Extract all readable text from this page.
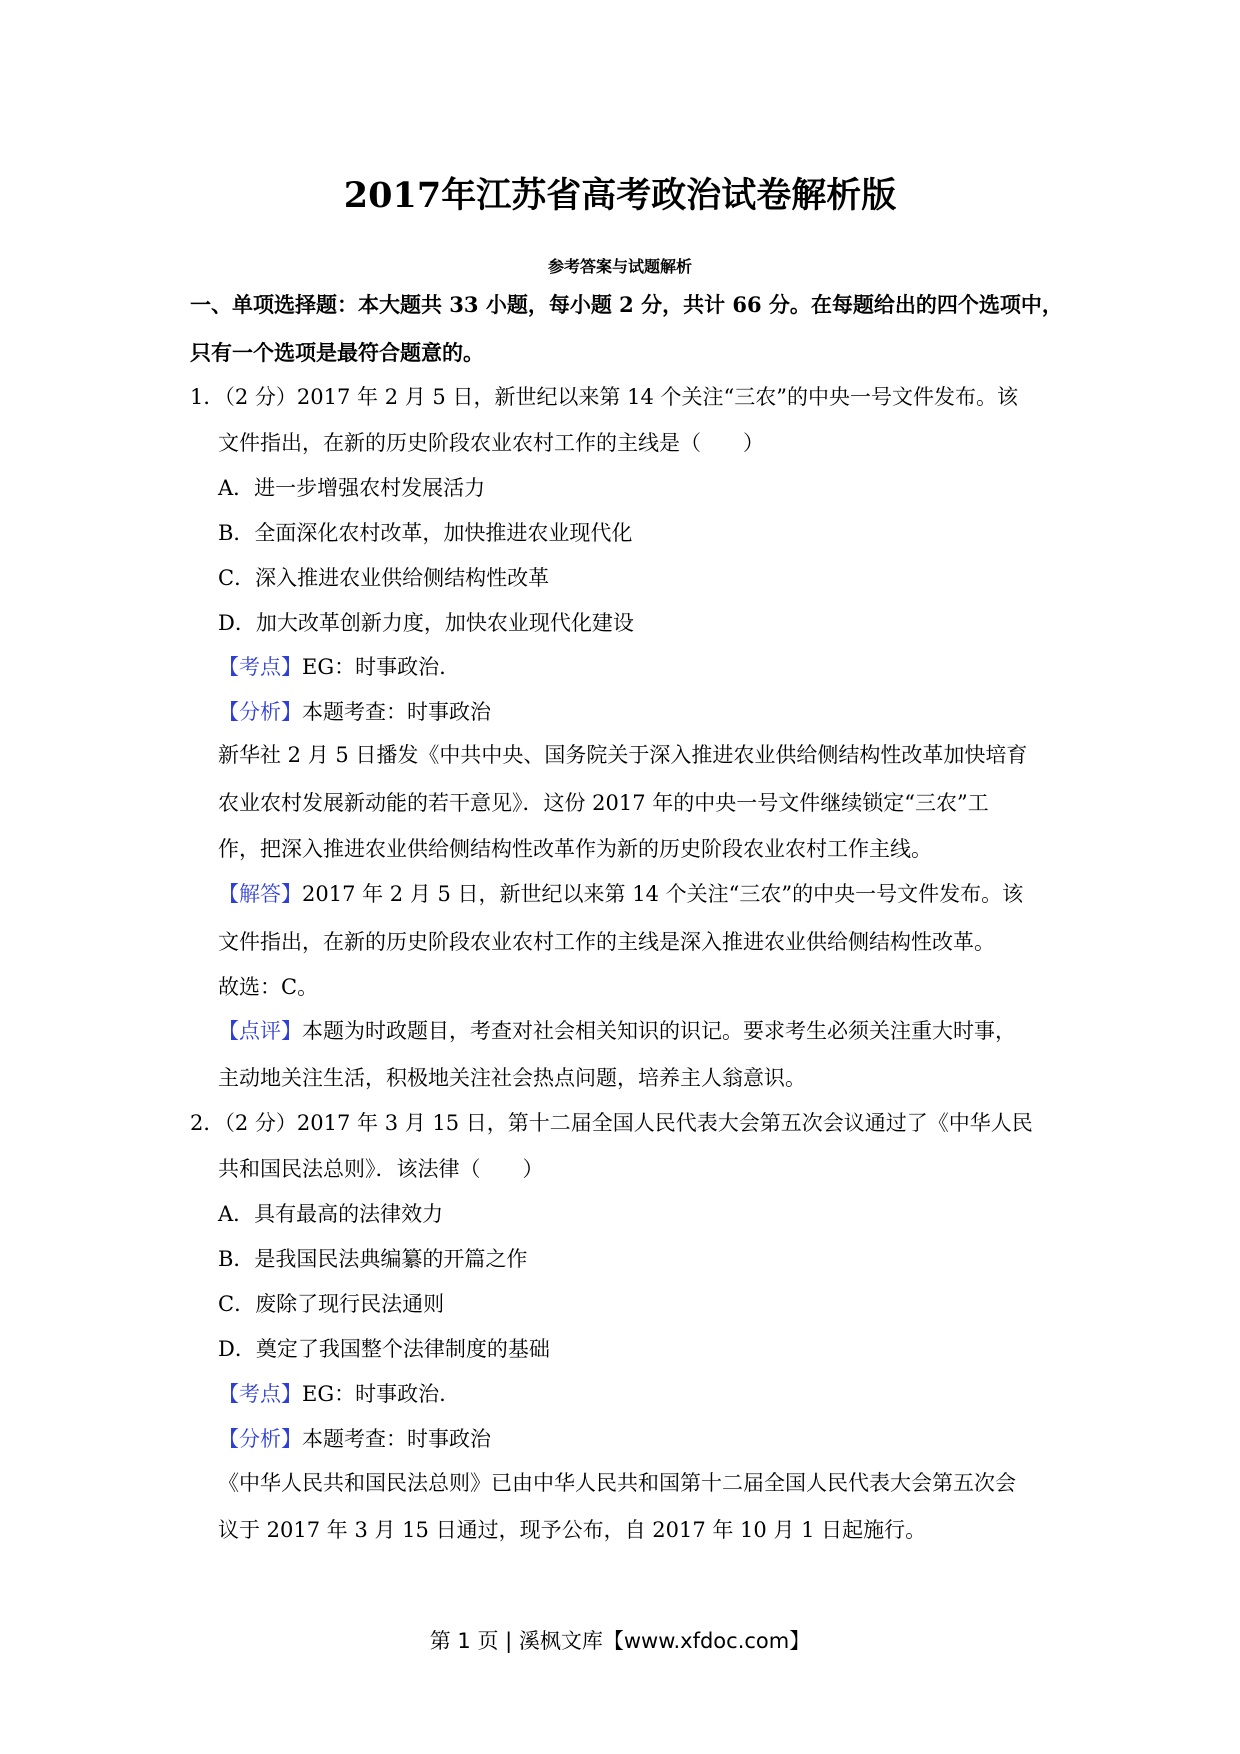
2017年江苏省高考政治试卷解析版
参考答案与试题解析
一、单项选择题：本大题共 33 小题，每小题 2 分，共计 66 分。在每题给出的四个选项中，
只有一个选项是最符合题意的。
1．（2 分）2017 年 2 月 5 日，新世纪以来第 14 个关注“三农”的中央一号文件发布。该
文件指出，在新的历史阶段农业农村工作的主线是（　　）
A．进一步增强农村发展活力
B．全面深化农村改革，加快推进农业现代化
C．深入推进农业供给侧结构性改革
D．加大改革创新力度，加快农业现代化建设
【考点】EG：时事政治.
【分析】本题考查：时事政治
新华社 2 月 5 日播发《中共中央、国务院关于深入推进农业供给侧结构性改革加快培育
农业农村发展新动能的若干意见》．这份 2017 年的中央一号文件继续锁定“三农”工
作，把深入推进农业供给侧结构性改革作为新的历史阶段农业农村工作主线。
【解答】2017 年 2 月 5 日，新世纪以来第 14 个关注“三农”的中央一号文件发布。该
文件指出，在新的历史阶段农业农村工作的主线是深入推进农业供给侧结构性改革。
故选：C。
【点评】本题为时政题目，考查对社会相关知识的识记。要求考生必须关注重大时事，
主动地关注生活，积极地关注社会热点问题，培养主人翁意识。
2．（2 分）2017 年 3 月 15 日，第十二届全国人民代表大会第五次会议通过了《中华人民
共和国民法总则》．该法律（　　）
A．具有最高的法律效力
B．是我国民法典编纂的开篇之作
C．废除了现行民法通则
D．奠定了我国整个法律制度的基础
【考点】EG：时事政治.
【分析】本题考查：时事政治
《中华人民共和国民法总则》已由中华人民共和国第十二届全国人民代表大会第五次会
议于 2017 年 3 月 15 日通过，现予公布，自 2017 年 10 月 1 日起施行。
第 1 页 | 溪枫文库【www.xfdoc.com】
